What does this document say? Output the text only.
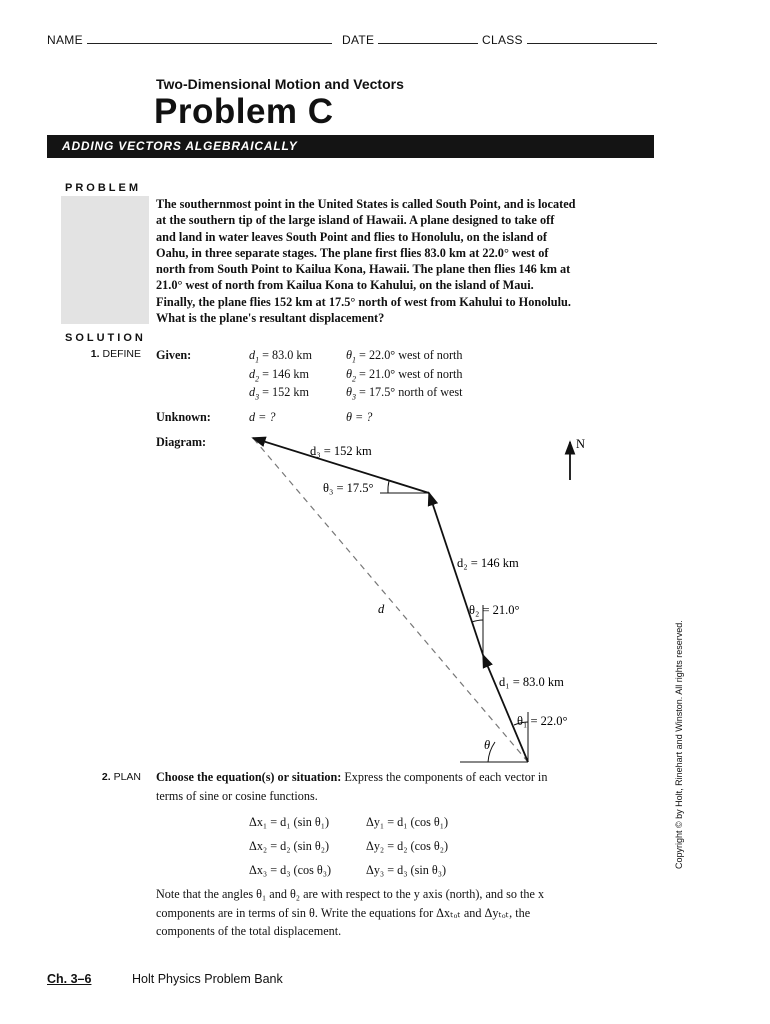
NAME	DATE	CLASS
Two-Dimensional Motion and Vectors
Problem C
ADDING VECTORS ALGEBRAICALLY
PROBLEM
The southernmost point in the United States is called South Point, and is located at the southern tip of the large island of Hawaii. A plane designed to take off and land in water leaves South Point and flies to Honolulu, on the island of Oahu, in three separate stages. The plane first flies 83.0 km at 22.0° west of north from South Point to Kailua Kona, Hawaii. The plane then flies 146 km at 21.0° west of north from Kailua Kona to Kahului, on the island of Maui. Finally, the plane flies 152 km at 17.5° north of west from Kahului to Honolulu. What is the plane's resultant displacement?
SOLUTION
1. DEFINE Given:	$d_1 = 83.0$ km	$\theta_1 = 22.0^\circ$ west of north
$d_2 = 146$ km	$\theta_2 = 21.0^\circ$ west of north
$d_3 = 152$ km	$\theta_3 = 17.5^\circ$ north of west
Unknown:	d = ?	θ = ?
Diagram:	N
d₃ = 152 km
θ₃ = 17.5°
d₂ = 146 km
θ₂ = 21.0°
d
d₁ = 83.0 km
θ₁ = 22.0°
θ
2. PLAN Choose the equation(s) or situation: Express the components of each vector in
terms of sine or cosine functions.
Δx₁ = d₁ (sin θ₁)	Δy₁ = d₁ (cos θ₁)
Δx₂ = d₂ (sin θ₂)	Δy₂ = d₂ (cos θ₂)
Δx₃ = d₃ (cos θ₃)	Δy₃ = d₃ (sin θ₃)
Note that the angles θ₁ and θ₂ are with respect to the y axis (north), and so the x
components are in terms of sin θ. Write the equations for Δxₜₒₜ and Δyₜₒₜ, the
components of the total displacement.
Ch. 3–6	Holt Physics Problem Bank
Copyright © by Holt, Rinehart and Winston. All rights reserved.
